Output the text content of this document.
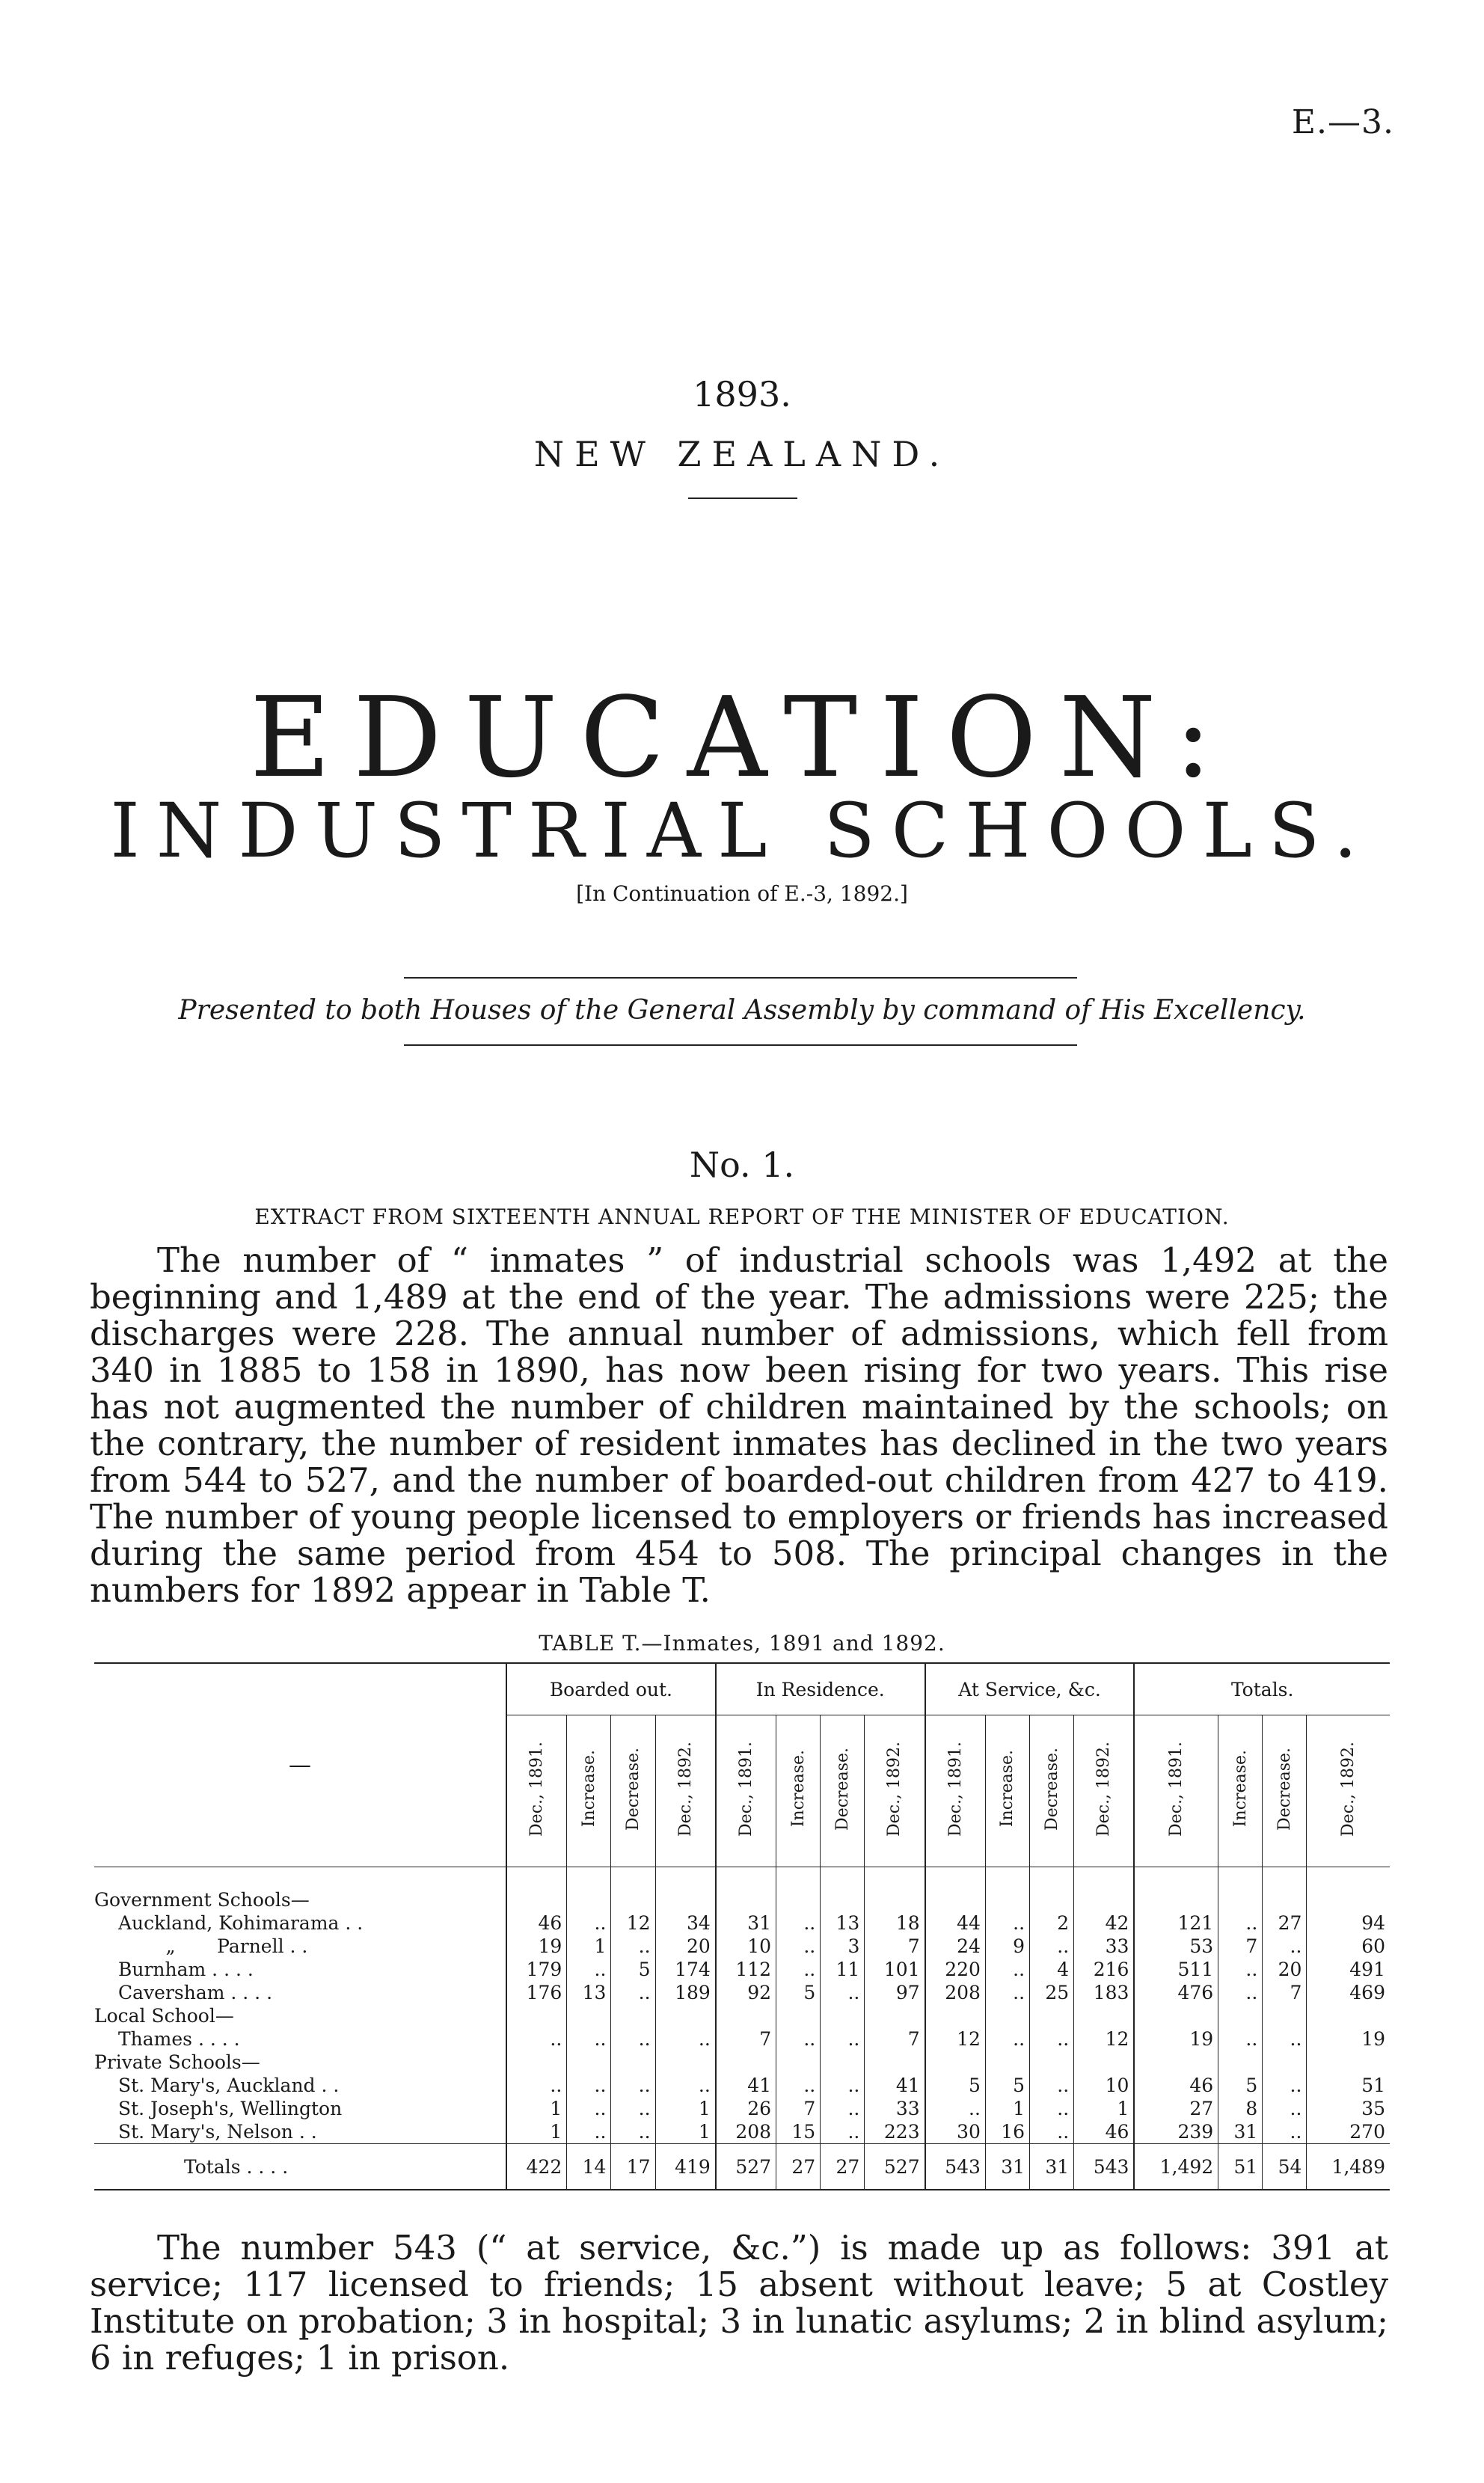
E.—3.
1893.
NEW ZEALAND.
EDUCATION:
INDUSTRIAL SCHOOLS.
[In Continuation of E.-3, 1892.]
Presented to both Houses of the General Assembly by command of His Excellency.
No. 1.
EXTRACT FROM SIXTEENTH ANNUAL REPORT OF THE MINISTER OF EDUCATION.

The number of “ inmates ” of industrial schools was 1,492 at the beginning and 1,489 at the end of the year. The admissions were 225; the discharges were 228. The annual number of admissions, which fell from 340 in 1885 to 158 in 1890, has now been rising for two years. This rise has not augmented the number of children maintained by the schools; on the contrary, the number of resident inmates has declined in the two years from 544 to 527, and the number of boarded-out children from 427 to 419. The number of young people licensed to employers or friends has increased during the same period from 454 to 508. The principal changes in the numbers for 1892 appear in Table T.

TABLE T.—Inmates, 1891 and 1892.
—	Boarded out.				In Residence.				At Service, &c.				Totals.			
	Dec., 1891.	Increase.	Decrease.	Dec., 1892.	Dec., 1891.	Increase.	Decrease.	Dec., 1892.	Dec., 1891.	Increase.	Decrease.	Dec., 1892.	Dec., 1891.	Increase.	Decrease.	Dec., 1892.
Government Schools—																
Auckland, Kohimarama . .	46	..	12	34	31	..	13	18	44	..	2	42	121	..	27	94
„       Parnell . .	19	1	..	20	10	..	3	7	24	9	..	33	53	7	..	60
Burnham . . . .	179	..	5	174	112	..	11	101	220	..	4	216	511	..	20	491
Caversham . . . .	176	13	..	189	92	5	..	97	208	..	25	183	476	..	7	469
Local School—																
Thames . . . .	..	..	..	..	7	..	..	7	12	..	..	12	19	..	..	19
Private Schools—																
St. Mary's, Auckland . .	..	..	..	..	41	..	..	41	5	5	..	10	46	5	..	51
St. Joseph's, Wellington	1	..	..	1	26	7	..	33	..	1	..	1	27	8	..	35
St. Mary's, Nelson . .	1	..	..	1	208	15	..	223	30	16	..	46	239	31	..	270
Totals . . . .	422	14	17	419	527	27	27	527	543	31	31	543	1,492	51	54	1,489

The number 543 (“ at service, &c.”) is made up as follows: 391 at service; 117 licensed to friends; 15 absent without leave; 5 at Costley Institute on probation; 3 in hospital; 3 in lunatic asylums; 2 in blind asylum; 6 in refuges; 1 in prison.
